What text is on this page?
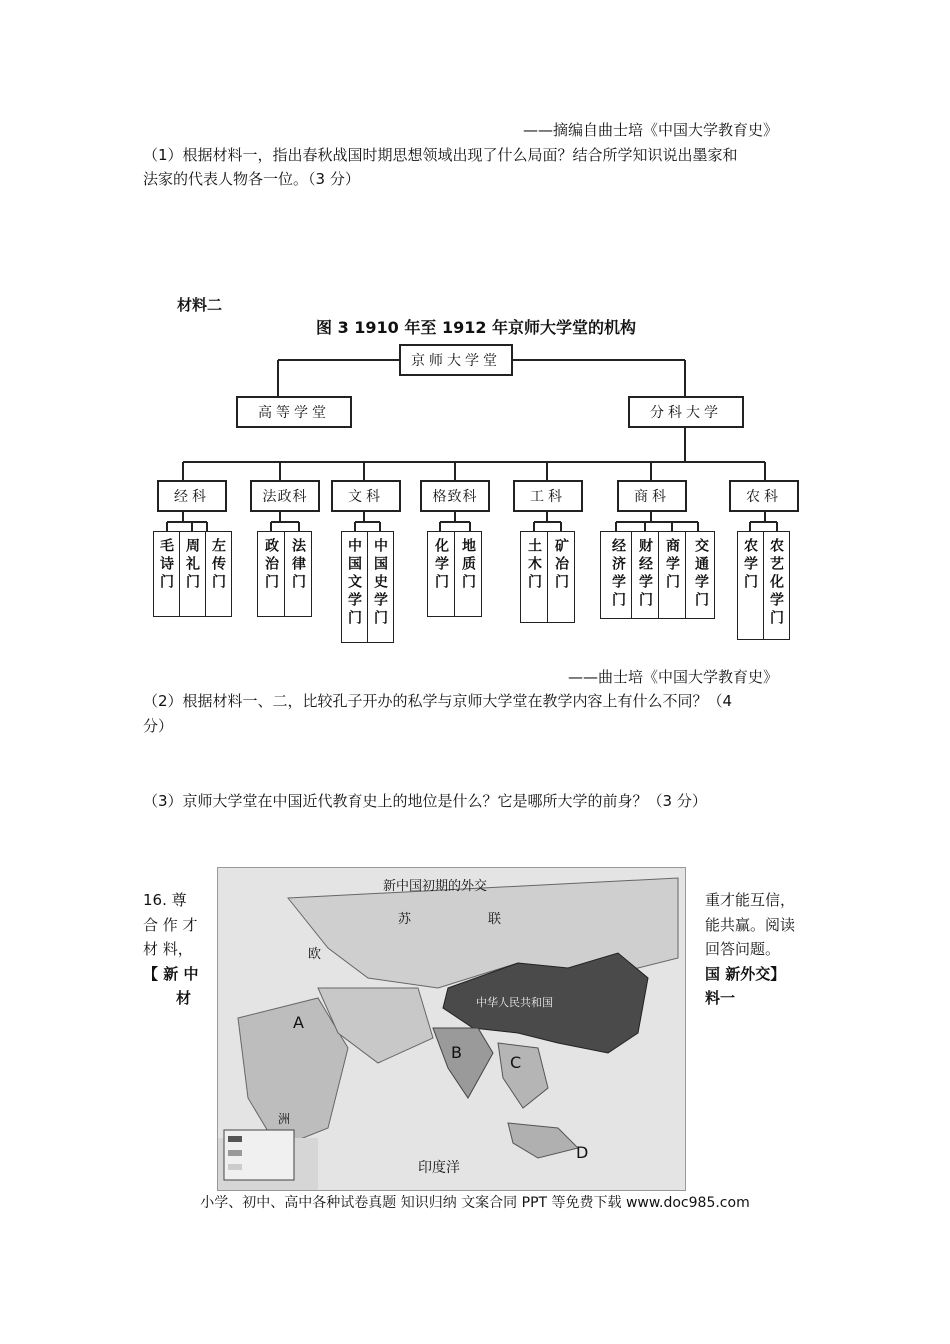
——摘编自曲士培《中国大学教育史》
（1）根据材料一，指出春秋战国时期思想领域出现了什么局面？结合所学知识说出墨家和
法家的代表人物各一位。（3 分）
材料二
图 3 1910 年至 1912 年京师大学堂的机构
京师大学堂
高等学堂	分科大学
经科	法政科	文科	格致科	工科	商科	农科
毛诗门 周礼门 左传门	政治门 法律门	中国文学门 中国史学门	化学门 地质门	土木门 矿冶门	经济学门 财经学门 商学门 交通学门	农学门 农艺化学门
——曲士培《中国大学教育史》
（2）根据材料一、二，比较孔子开办的私学与京师大学堂在教学内容上有什么不同？（4
分）
（3）京师大学堂在中国近代教育史上的地位是什么？它是哪所大学的前身？（3 分）
16. 尊
合 作 才
材 料，
【 新 中
材
重才能互信，
能共赢。阅读
回答问题。
国 新外交】
料一
新中国初期的外交
苏	联
欧
洲
中华人民共和国
印度洋
A
B
C
D
小学、初中、高中各种试卷真题 知识归纳 文案合同 PPT 等免费下载 www.doc985.com
